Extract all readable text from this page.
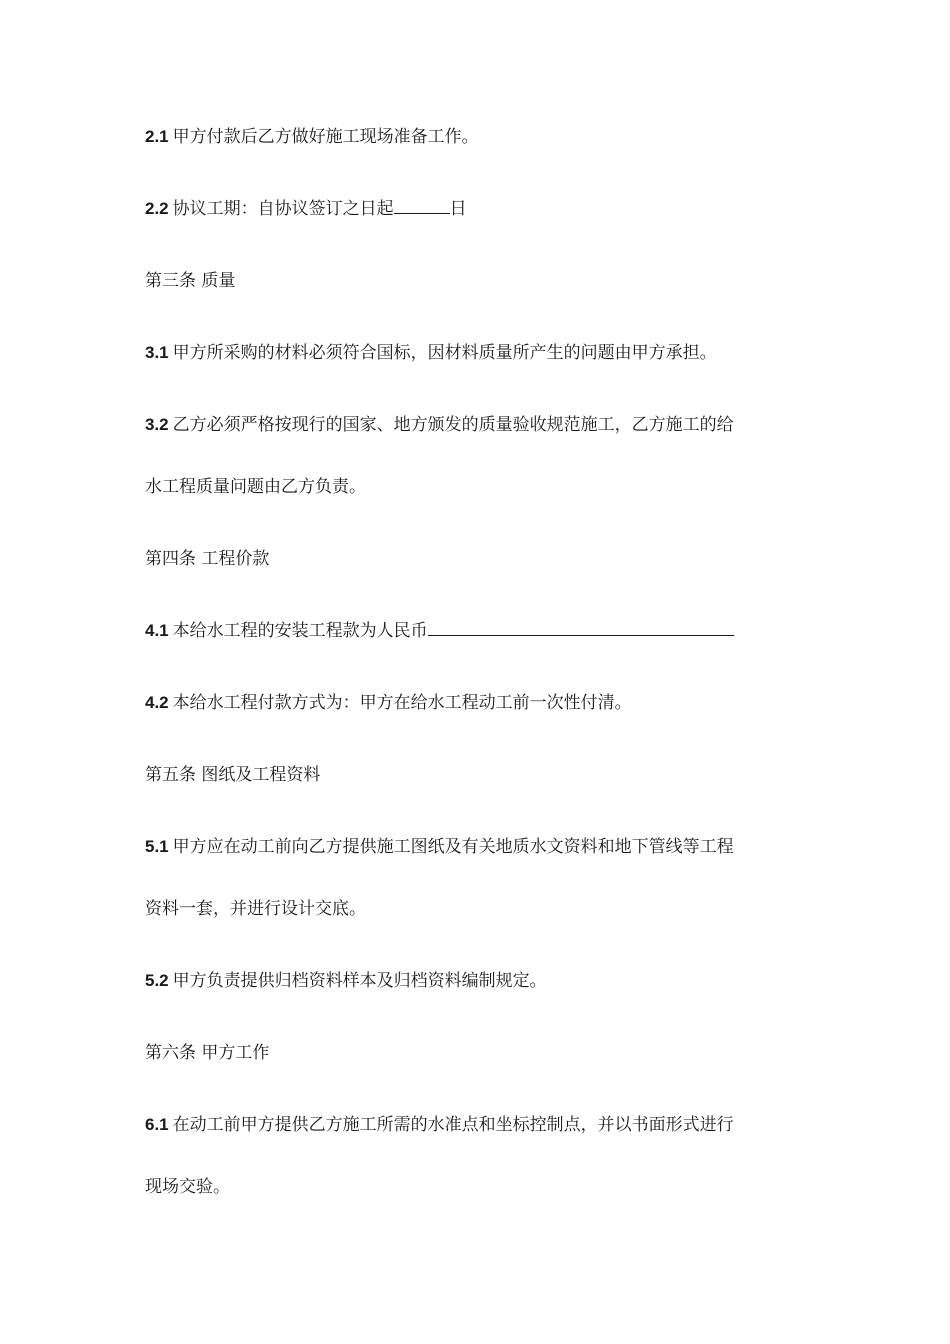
2.1 甲方付款后乙方做好施工现场准备工作。

2.2 协议工期：自协议签订之日起	日

第三条 质量

3.1 甲方所采购的材料必须符合国标，因材料质量所产生的问题由甲方承担。

3.2 乙方必须严格按现行的国家、地方颁发的质量验收规范施工，乙方施工的给
水工程质量问题由乙方负责。

第四条 工程价款

4.1 本给水工程的安装工程款为人民币

4.2 本给水工程付款方式为：甲方在给水工程动工前一次性付清。

第五条 图纸及工程资料

5.1 甲方应在动工前向乙方提供施工图纸及有关地质水文资料和地下管线等工程
资料一套，并进行设计交底。

5.2 甲方负责提供归档资料样本及归档资料编制规定。

第六条 甲方工作

6.1 在动工前甲方提供乙方施工所需的水准点和坐标控制点，并以书面形式进行
现场交验。
